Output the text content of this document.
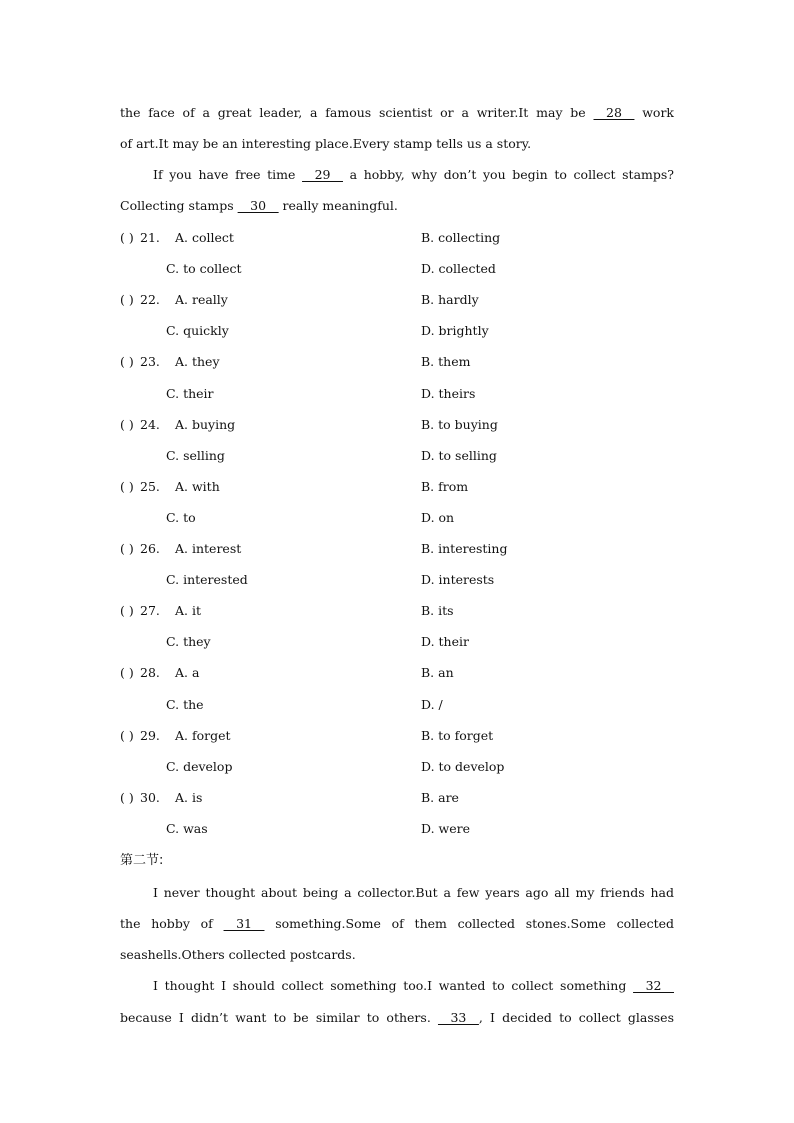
the face of a great leader, a famous scientist or a writer.It may be __28__ work
of art.It may be an interesting place.Every stamp tells us a story.
If you have free time __29__ a hobby, why don’t you begin to collect stamps?
Collecting stamps __30__ really meaningful.
( ) 21. A. collect	B. collecting
C. to collect	D. collected
( ) 22. A. really	B. hardly
C. quickly	D. brightly
( ) 23. A. they	B. them
C. their	D. theirs
( ) 24. A. buying	B. to buying
C. selling	D. to selling
( ) 25. A. with	B. from
C. to	D. on
( ) 26. A. interest	B. interesting
C. interested	D. interests
( ) 27. A. it	B. its
C. they	D. their
( ) 28. A. a	B. an
C. the	D. /
( ) 29. A. forget	B. to forget
C. develop	D. to develop
( ) 30. A. is	B. are
C. was	D. were
第二节:
I never thought about being a collector.But a few years ago all my friends had
the hobby of __31__ something.Some of them collected stones.Some collected
seashells.Others collected postcards.
I thought I should collect something too.I wanted to collect something __32__
because I didn’t want to be similar to others. __33__, I decided to collect glasses
